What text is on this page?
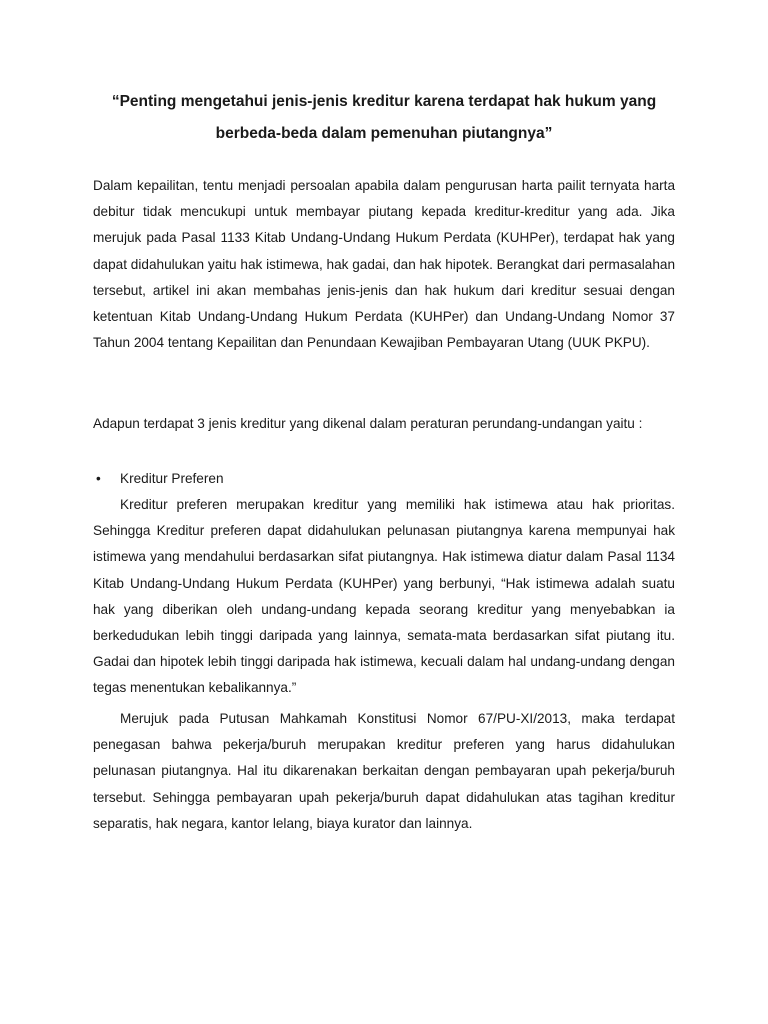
“Penting mengetahui jenis-jenis kreditur karena terdapat hak hukum yang
berbeda-beda dalam pemenuhan piutangnya”

Dalam kepailitan, tentu menjadi persoalan apabila dalam pengurusan harta pailit ternyata harta debitur tidak mencukupi untuk membayar piutang kepada kreditur-kreditur yang ada. Jika merujuk pada Pasal 1133 Kitab Undang-Undang Hukum Perdata (KUHPer), terdapat hak yang dapat didahulukan yaitu hak istimewa, hak gadai, dan hak hipotek. Berangkat dari permasalahan tersebut, artikel ini akan membahas jenis-jenis dan hak hukum dari kreditur sesuai dengan ketentuan Kitab Undang-Undang Hukum Perdata (KUHPer) dan Undang-Undang Nomor 37 Tahun 2004 tentang Kepailitan dan Penundaan Kewajiban Pembayaran Utang (UUK PKPU).

Adapun terdapat 3 jenis kreditur yang dikenal dalam peraturan perundang-undangan yaitu :

• Kreditur Preferen

Kreditur preferen merupakan kreditur yang memiliki hak istimewa atau hak prioritas. Sehingga Kreditur preferen dapat didahulukan pelunasan piutangnya karena mempunyai hak istimewa yang mendahului berdasarkan sifat piutangnya. Hak istimewa diatur dalam Pasal 1134 Kitab Undang-Undang Hukum Perdata (KUHPer) yang berbunyi, “Hak istimewa adalah suatu hak yang diberikan oleh undang-undang kepada seorang kreditur yang menyebabkan ia berkedudukan lebih tinggi daripada yang lainnya, semata-mata berdasarkan sifat piutang itu. Gadai dan hipotek lebih tinggi daripada hak istimewa, kecuali dalam hal undang-undang dengan tegas menentukan kebalikannya.”

Merujuk pada Putusan Mahkamah Konstitusi Nomor 67/PU-XI/2013, maka terdapat penegasan bahwa pekerja/buruh merupakan kreditur preferen yang harus didahulukan pelunasan piutangnya. Hal itu dikarenakan berkaitan dengan pembayaran upah pekerja/buruh tersebut. Sehingga pembayaran upah pekerja/buruh dapat didahulukan atas tagihan kreditur separatis, hak negara, kantor lelang, biaya kurator dan lainnya.
